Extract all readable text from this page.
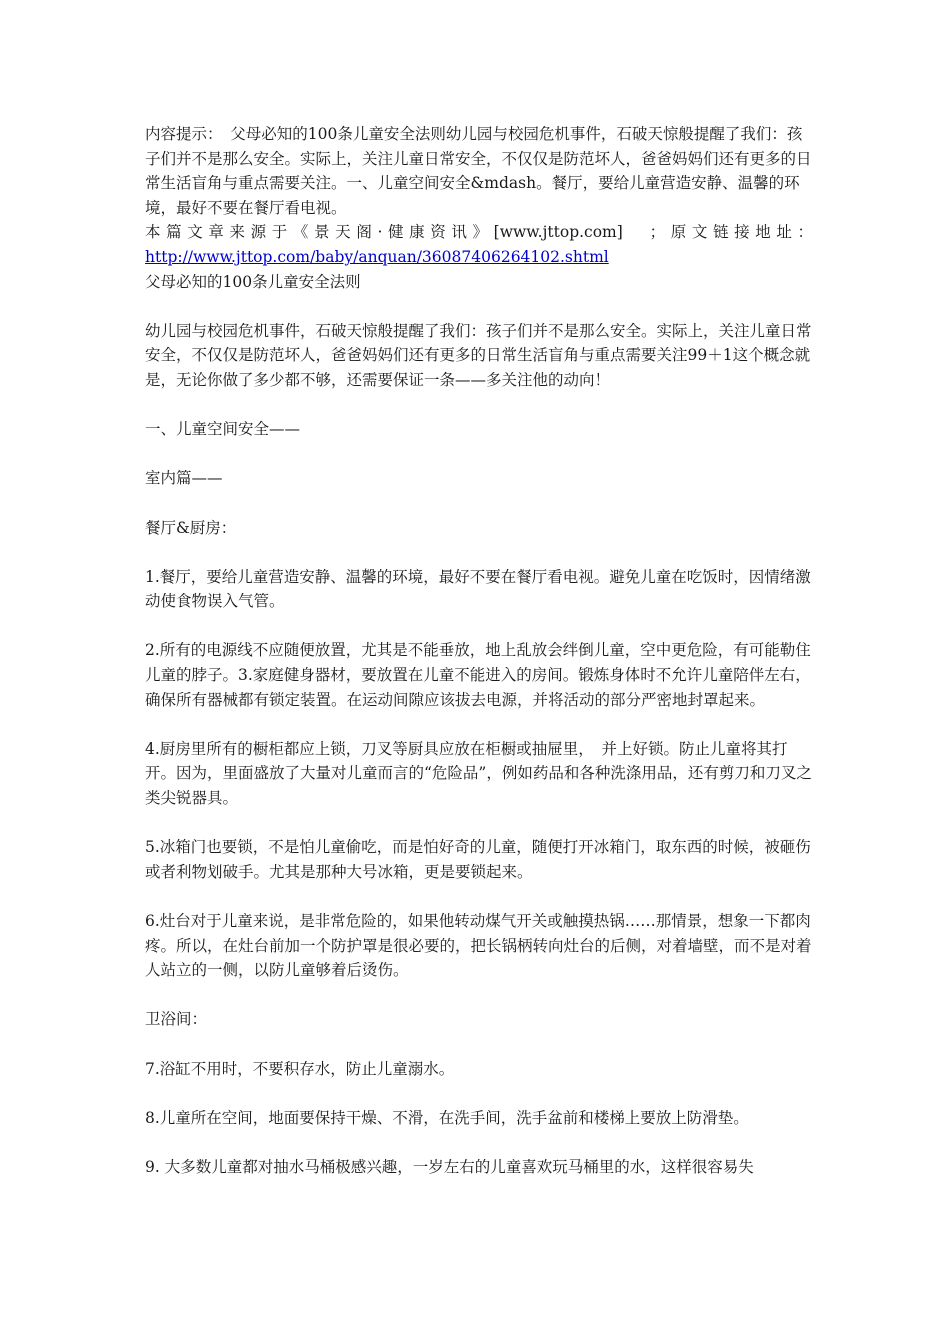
内容提示：　父母必知的100条儿童安全法则幼儿园与校园危机事件，石破天惊般提醒了我们：孩子们并不是那么安全。实际上，关注儿童日常安全，不仅仅是防范坏人，爸爸妈妈们还有更多的日常生活盲角与重点需要关注。一、儿童空间安全&mdash。餐厅，要给儿童营造安静、温馨的环境，最好不要在餐厅看电视。

本篇文章来源于《景天阁·健康资讯》[www.jttop.com]　；原文链接地址：

http://www.jttop.com/baby/anquan/36087406264102.shtml

父母必知的100条儿童安全法则

幼儿园与校园危机事件，石破天惊般提醒了我们：孩子们并不是那么安全。实际上，关注儿童日常安全，不仅仅是防范坏人，爸爸妈妈们还有更多的日常生活盲角与重点需要关注99＋1这个概念就是，无论你做了多少都不够，还需要保证一条——多关注他的动向！

一、儿童空间安全——

室内篇——

餐厅&厨房：

1.餐厅，要给儿童营造安静、温馨的环境，最好不要在餐厅看电视。避免儿童在吃饭时，因情绪激动使食物误入气管。

2.所有的电源线不应随便放置，尤其是不能垂放，地上乱放会绊倒儿童，空中更危险，有可能勒住儿童的脖子。3.家庭健身器材，要放置在儿童不能进入的房间。锻炼身体时不允许儿童陪伴左右，确保所有器械都有锁定装置。在运动间隙应该拔去电源，并将活动的部分严密地封罩起来。

4.厨房里所有的橱柜都应上锁，刀叉等厨具应放在柜橱或抽屉里，　并上好锁。防止儿童将其打开。因为，里面盛放了大量对儿童而言的“危险品”，例如药品和各种洗涤用品，还有剪刀和刀叉之类尖锐器具。

5.冰箱门也要锁，不是怕儿童偷吃，而是怕好奇的儿童，随便打开冰箱门，取东西的时候，被砸伤或者利物划破手。尤其是那种大号冰箱，更是要锁起来。

6.灶台对于儿童来说，是非常危险的，如果他转动煤气开关或触摸热锅……那情景，想象一下都肉疼。所以，在灶台前加一个防护罩是很必要的，把长锅柄转向灶台的后侧，对着墙壁，而不是对着人站立的一侧，以防儿童够着后烫伤。

卫浴间：

7.浴缸不用时，不要积存水，防止儿童溺水。

8.儿童所在空间，地面要保持干燥、不滑，在洗手间，洗手盆前和楼梯上要放上防滑垫。

9. 大多数儿童都对抽水马桶极感兴趣，一岁左右的儿童喜欢玩马桶里的水，这样很容易失
